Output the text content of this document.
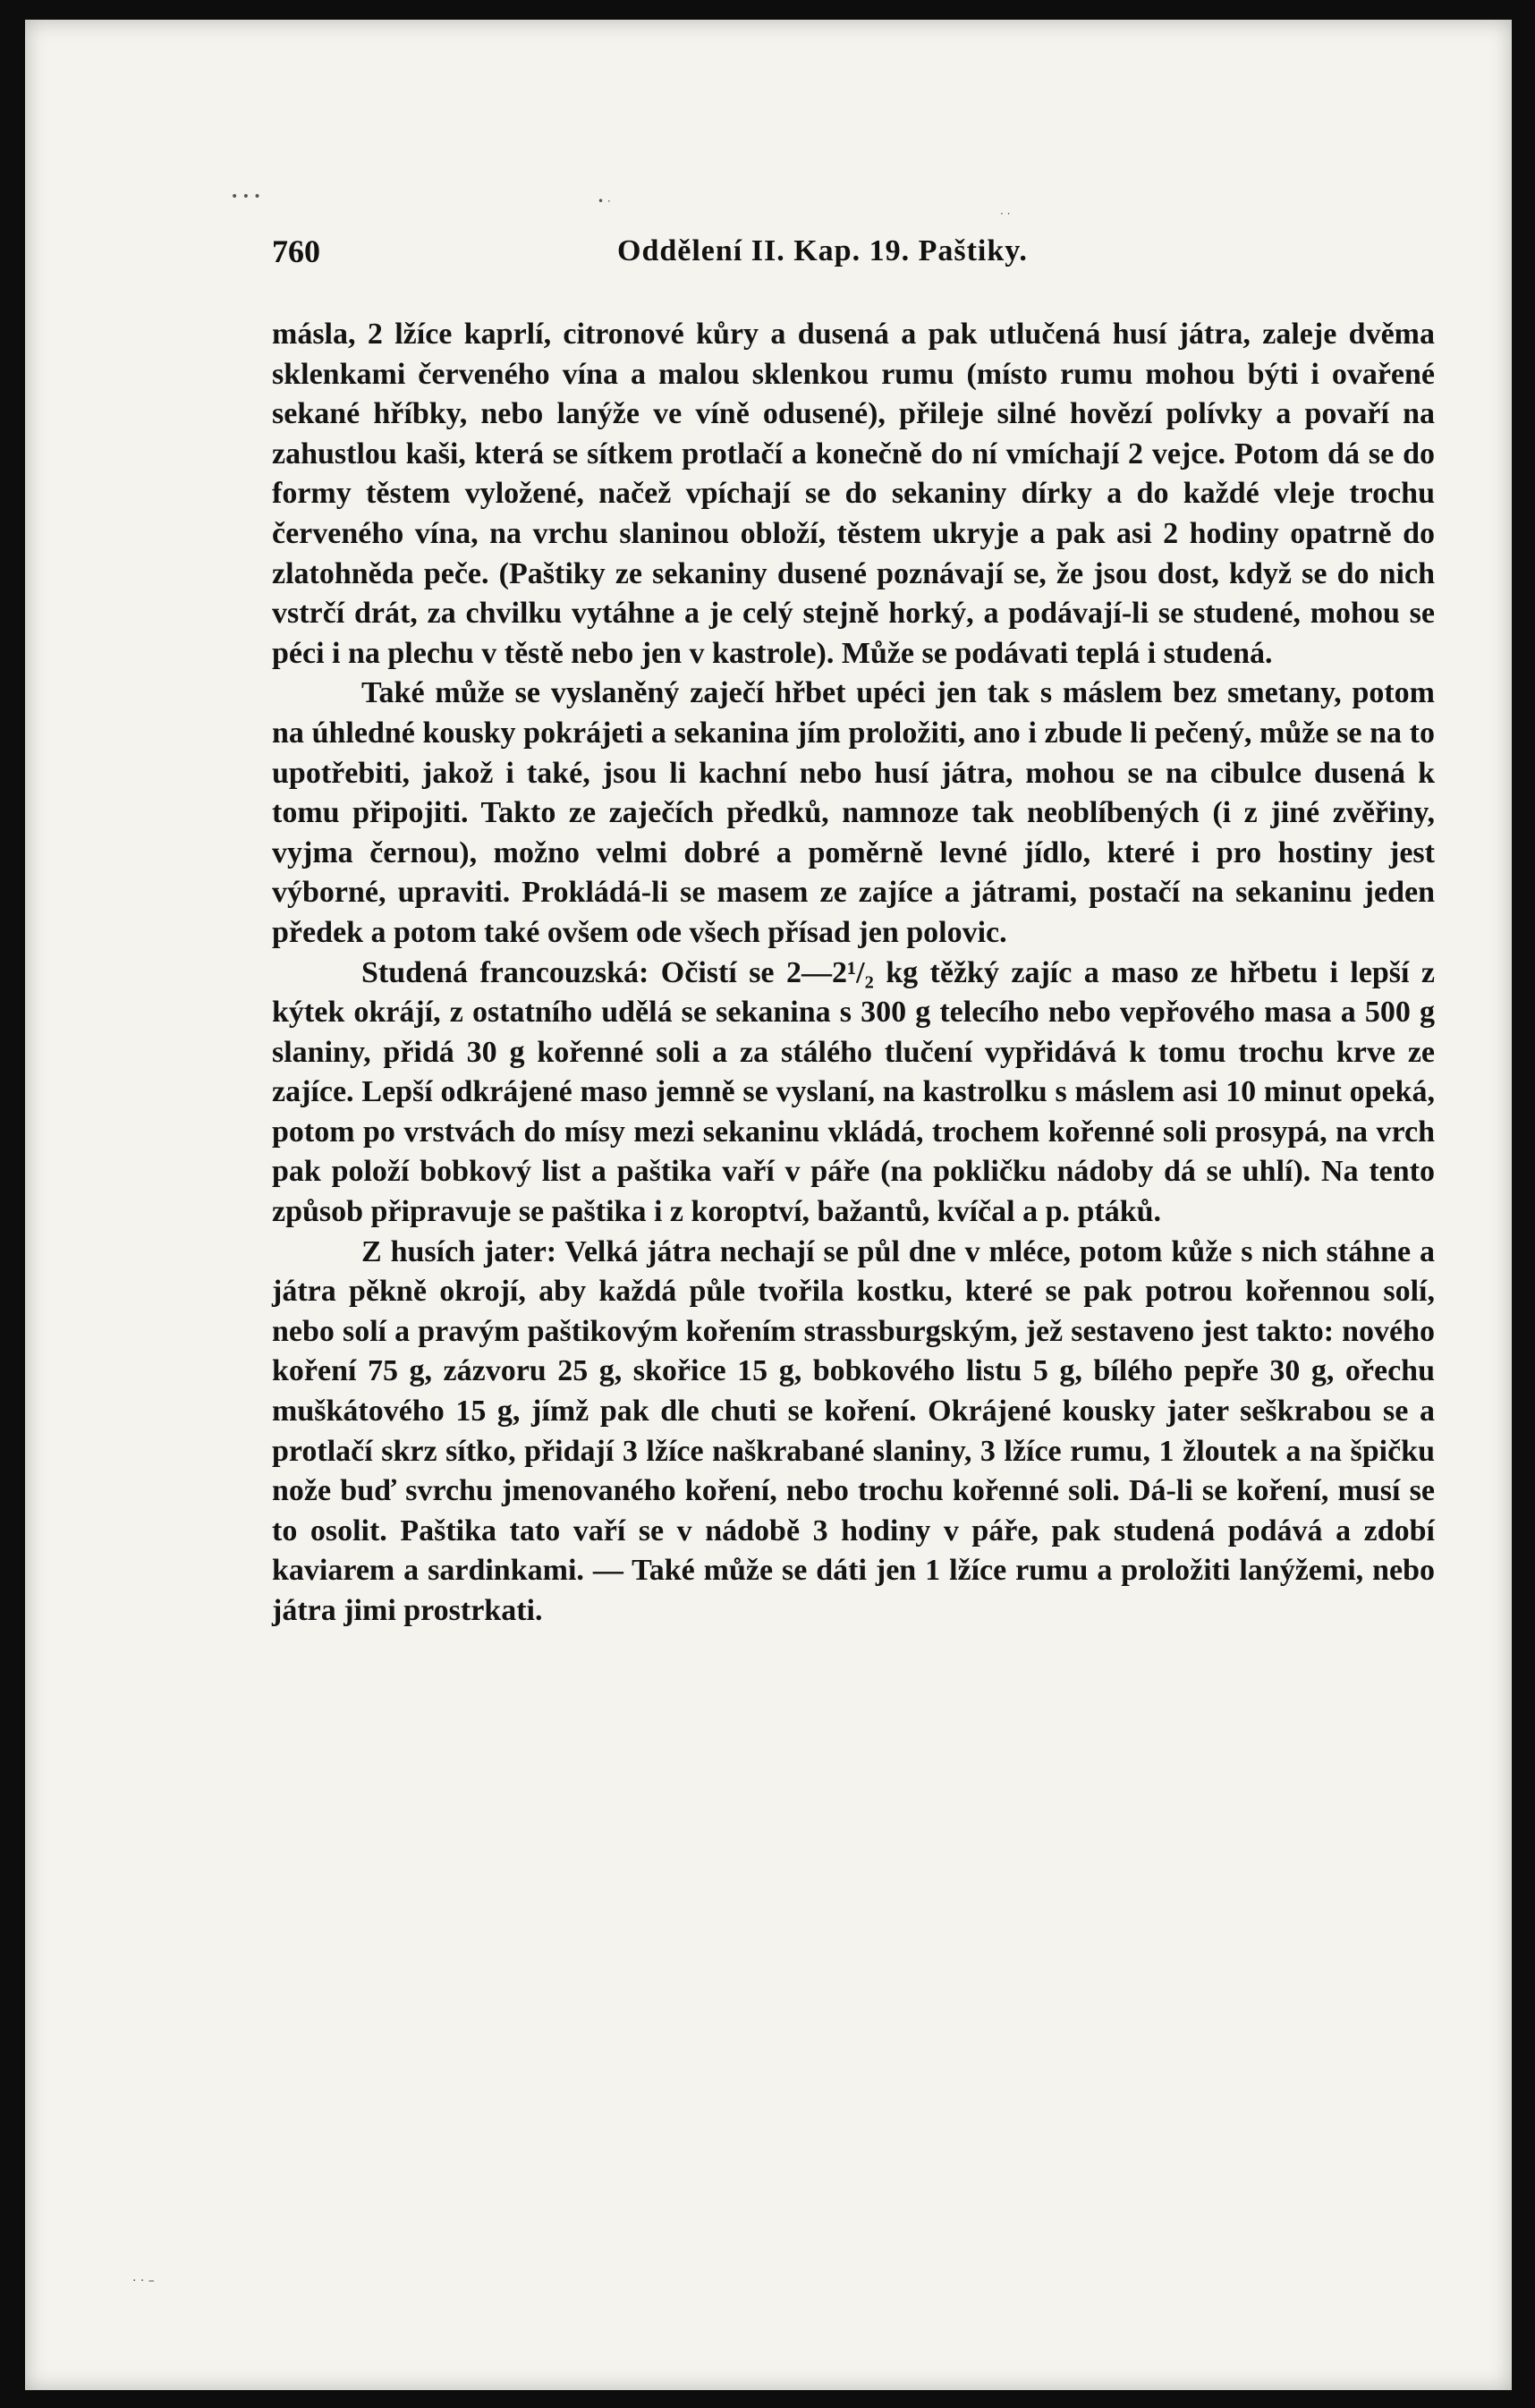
• • •	• ·
· ·
· · –
760	Oddělení II. Kap. 19. Paštiky.

másla, 2 lžíce kaprlí, citronové kůry a dusená a pak utlučená husí játra, zaleje dvěma sklenkami červeného vína a malou sklenkou rumu (místo rumu mohou býti i ovařené sekané hříbky, nebo lanýže ve víně odusené), přileje silné hovězí polívky a povaří na zahustlou kaši, která se sítkem protlačí a konečně do ní vmíchají 2 vejce. Potom dá se do formy těstem vyložené, načež vpíchají se do sekaniny dírky a do každé vleje trochu červeného vína, na vrchu slaninou obloží, těstem ukryje a pak asi 2 hodiny opatrně do zlatohněda peče. (Paštiky ze sekaniny dusené poznávají se, že jsou dost, když se do nich vstrčí drát, za chvilku vytáhne a je celý stejně horký, a podávají-li se studené, mohou se péci i na plechu v těstě nebo jen v kastrole). Může se podávati teplá i studená.

Také může se vyslaněný zaječí hřbet upéci jen tak s máslem bez smetany, potom na úhledné kousky pokrájeti a sekanina jím proložiti, ano i zbude li pečený, může se na to upotřebiti, jakož i také, jsou li kachní nebo husí játra, mohou se na cibulce dusená k tomu připojiti. Takto ze zaječích předků, namnoze tak neoblíbených (i z jiné zvěřiny, vyjma černou), možno velmi dobré a poměrně levné jídlo, které i pro hostiny jest výborné, upraviti. Prokládá-li se masem ze zajíce a játrami, postačí na sekaninu jeden předek a potom také ovšem ode všech přísad jen polovic.

Studená francouzská: Očistí se 2—2¹/₂ kg těžký zajíc a maso ze hřbetu i lepší z kýtek okrájí, z ostatního udělá se sekanina s 300 g telecího nebo vepřového masa a 500 g slaniny, přidá 30 g kořenné soli a za stálého tlučení vypřidává k tomu trochu krve ze zajíce. Lepší odkrájené maso jemně se vyslaní, na kastrolku s máslem asi 10 minut opeká, potom po vrstvách do mísy mezi sekaninu vkládá, trochem kořenné soli prosypá, na vrch pak položí bobkový list a paštika vaří v páře (na pokličku nádoby dá se uhlí). Na tento způsob připravuje se paštika i z koroptví, bažantů, kvíčal a p. ptáků.

Z husích jater: Velká játra nechají se půl dne v mléce, potom kůže s nich stáhne a játra pěkně okrojí, aby každá půle tvořila kostku, které se pak potrou kořennou solí, nebo solí a pravým paštikovým kořením strassburgským, jež sestaveno jest takto: nového koření 75 g, zázvoru 25 g, skořice 15 g, bobkového listu 5 g, bílého pepře 30 g, ořechu muškátového 15 g, jímž pak dle chuti se koření. Okrájené kousky jater seškrabou se a protlačí skrz sítko, přidají 3 lžíce naškrabané slaniny, 3 lžíce rumu, 1 žloutek a na špičku nože buď svrchu jmenovaného koření, nebo trochu kořenné soli. Dá-li se koření, musí se to osolit. Paštika tato vaří se v nádobě 3 hodiny v páře, pak studená podává a zdobí kaviarem a sardinkami. — Také může se dáti jen 1 lžíce rumu a proložiti lanýžemi, nebo játra jimi prostrkati.
